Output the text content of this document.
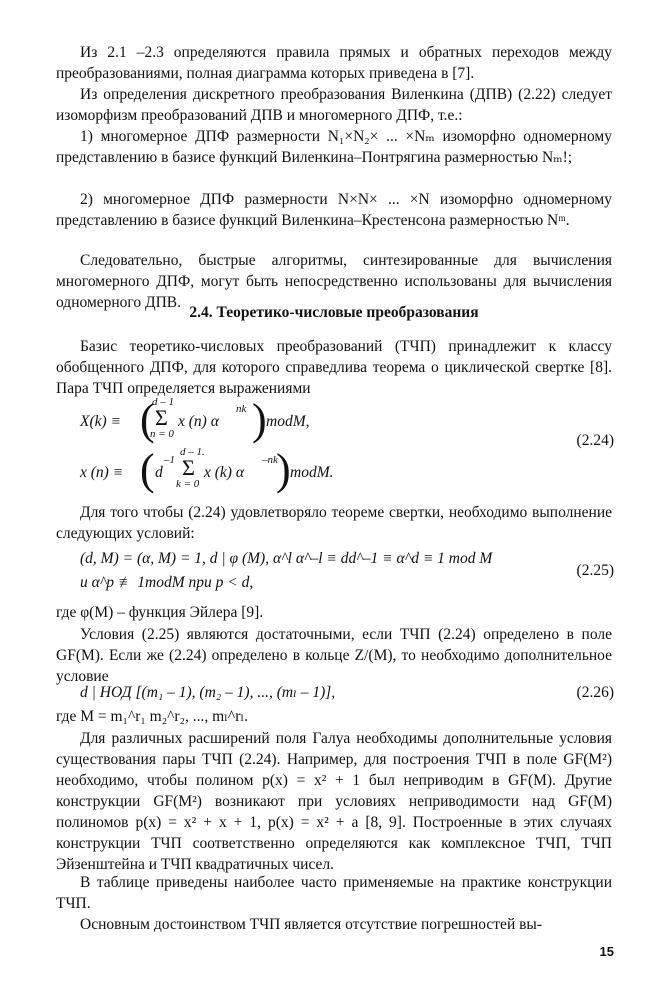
Из 2.1 –2.3 определяются правила прямых и обратных переходов между преобразованиями, полная диаграмма которых приведена в [7].

Из определения дискретного преобразования Виленкина (ДПВ) (2.22) следует изоморфизм преобразований ДПВ и многомерного ДПФ, т.е.:

1) многомерное ДПФ размерности N₁×N₂× ... ×Nₘ изоморфно одномерному представлению в базисе функций Виленкина–Понтрягина размерностью Nₘ!;

2) многомерное ДПФ размерности N×N× ... ×N изоморфно одномерному представлению в базисе функций Виленкина–Крестенсона размерностью Nᵐ.

Следовательно, быстрые алгоритмы, синтезированные для вычисления многомерного ДПФ, могут быть непосредственно использованы для вычисления одномерного ДПВ.

2.4. Теоретико-числовые преобразования

Базис теоретико-числовых преобразований (ТЧП) принадлежит к классу обобщенного ДПФ, для которого справедлива теорема о циклической свертке [8]. Пара ТЧП определяется выражениями

X(k) ≡ (
d – 1
Σ
n = 0
x (n) α
nk ) modM,
x (n) ≡ ( d
–1
d – 1.
Σ
k = 0
x (k) α
–nk
) modM.
(2.24)

Для того чтобы (2.24) удовлетворяло теореме свертки, необходимо выполнение следующих условий:

(d, M) = (α, M) = 1, d | φ (M), α^l α^–l ≡ dd^–1 ≡ α^d ≡ 1 mod M
и α^p ≢ 1modM при p < d,
(2.25)

где φ(M) – функция Эйлера [9].

Условия (2.25) являются достаточными, если ТЧП (2.24) определено в поле GF(M). Если же (2.24) определено в кольце Z/(M), то необходимо дополнительное условие

d | НОД [(m₁ – 1), (m₂ – 1), ..., (mₗ – 1)],	(2.26)

где M = m₁^r₁ m₂^r₂, ..., mₗ^rₗ.

Для различных расширений поля Галуа необходимы дополнительные условия существования пары ТЧП (2.24). Например, для построения ТЧП в поле GF(M²) необходимо, чтобы полином p(x) = x² + 1 был неприводим в GF(M). Другие конструкции GF(M²) возникают при условиях неприводимости над GF(M) полиномов p(x) = x² + x + 1, p(x) = x² + a [8, 9]. Построенные в этих случаях конструкции ТЧП соответственно определяются как комплексное ТЧП, ТЧП Эйзенштейна и ТЧП квадратичных чисел.

В таблице приведены наиболее часто применяемые на практике конструкции ТЧП.

Основным достоинством ТЧП является отсутствие погрешностей вы-

15
